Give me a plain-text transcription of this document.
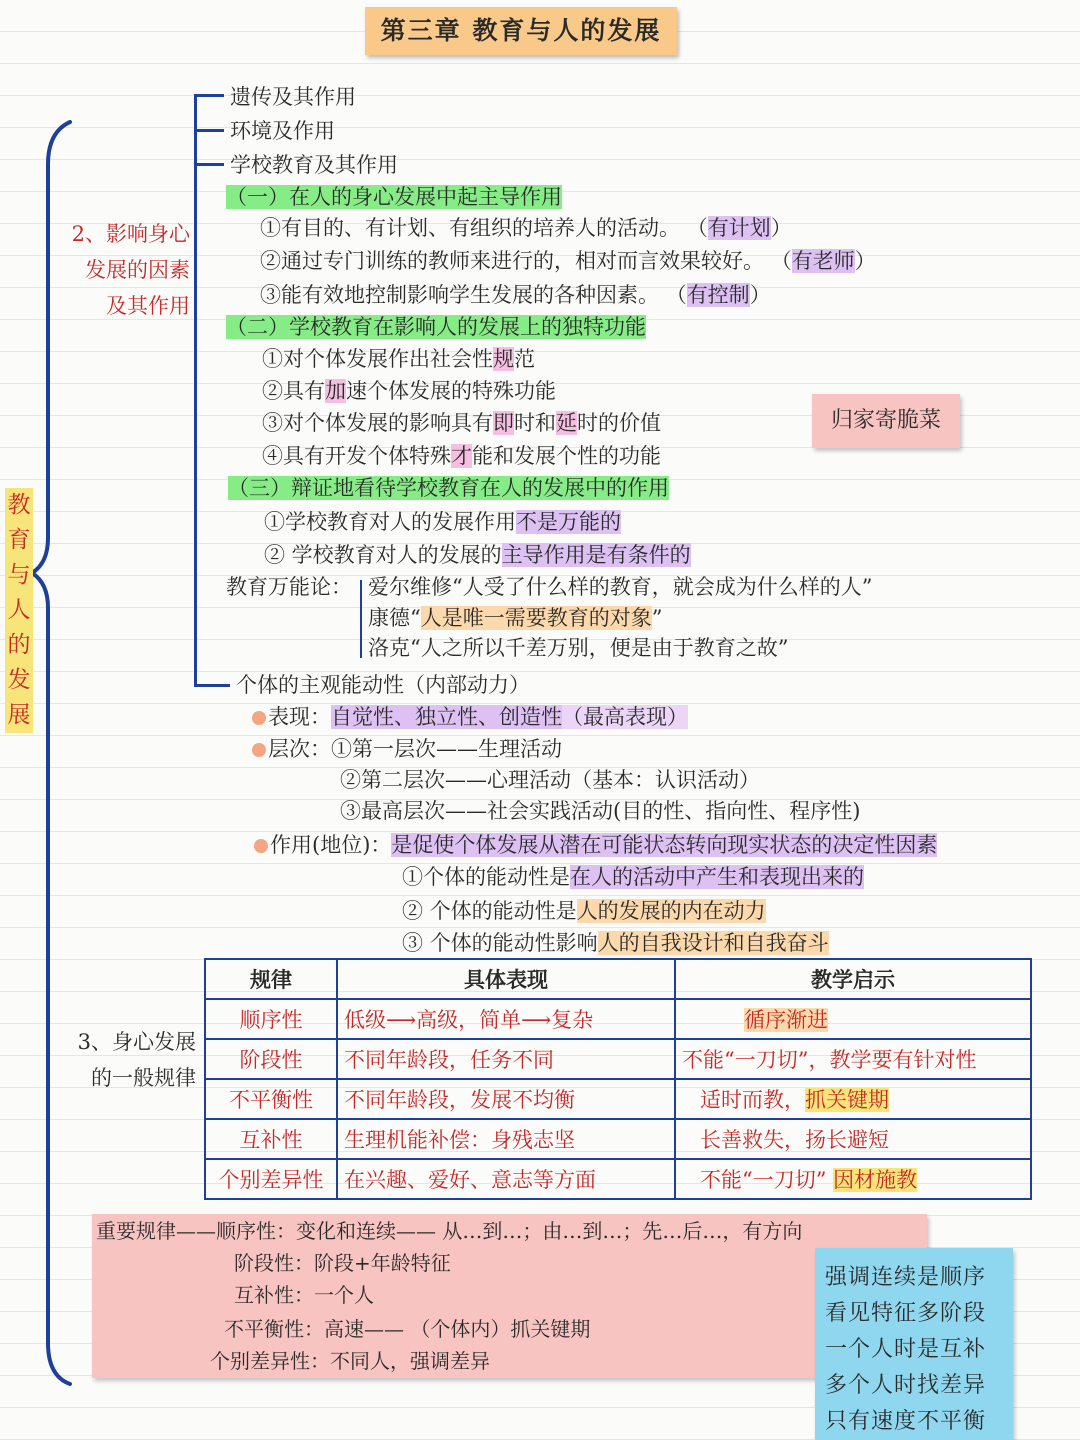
第三章 教育与人的发展
教
育
与
人
的
发
展
2、影响身心
发展的因素
及其作用
遗传及其作用
环境及作用
学校教育及其作用
（一）在人的身心发展中起主导作用
①有目的、有计划、有组织的培养人的活动。 （有计划）
②通过专门训练的教师来进行的，相对而言效果较好。 （有老师）
③能有效地控制影响学生发展的各种因素。 （有控制）
（二）学校教育在影响人的发展上的独特功能
①对个体发展作出社会性规范
②具有加速个体发展的特殊功能
③对个体发展的影响具有即时和延时的价值
④具有开发个体特殊才能和发展个性的功能
归家寄脆菜
（三）辩证地看待学校教育在人的发展中的作用
①学校教育对人的发展作用不是万能的
② 学校教育对人的发展的主导作用是有条件的
教育万能论： 爱尔维修“人受了什么样的教育，就会成为什么样的人”
康德“人是唯一需要教育的对象”
洛克“人之所以千差万别，便是由于教育之故”
个体的主观能动性（内部动力）
表现：自觉性、独立性、创造性（最高表现）
层次：①第一层次——生理活动
②第二层次——心理活动（基本：认识活动）
③最高层次——社会实践活动(目的性、指向性、程序性)
作用(地位)：是促使个体发展从潜在可能状态转向现实状态的决定性因素
①个体的能动性是在人的活动中产生和表现出来的
② 个体的能动性是人的发展的内在动力
③ 个体的能动性影响人的自我设计和自我奋斗
3、身心发展
的一般规律
规律	具体表现	教学启示
顺序性	低级⟶高级，简单⟶复杂	循序渐进
阶段性	不同年龄段，任务不同	不能“一刀切”，教学要有针对性
不平衡性	不同年龄段，发展不均衡	适时而教，抓关键期
互补性	生理机能补偿：身残志坚	长善救失，扬长避短
个别差异性	在兴趣、爱好、意志等方面	不能“一刀切” 因材施教
重要规律——顺序性：变化和连续—— 从…到…；由…到…；先…后…，有方向
阶段性：阶段+年龄特征
互补性：一个人
不平衡性：高速—— （个体内）抓关键期
个别差异性：不同人，强调差异
强调连续是顺序
看见特征多阶段
一个人时是互补
多个人时找差异
只有速度不平衡
